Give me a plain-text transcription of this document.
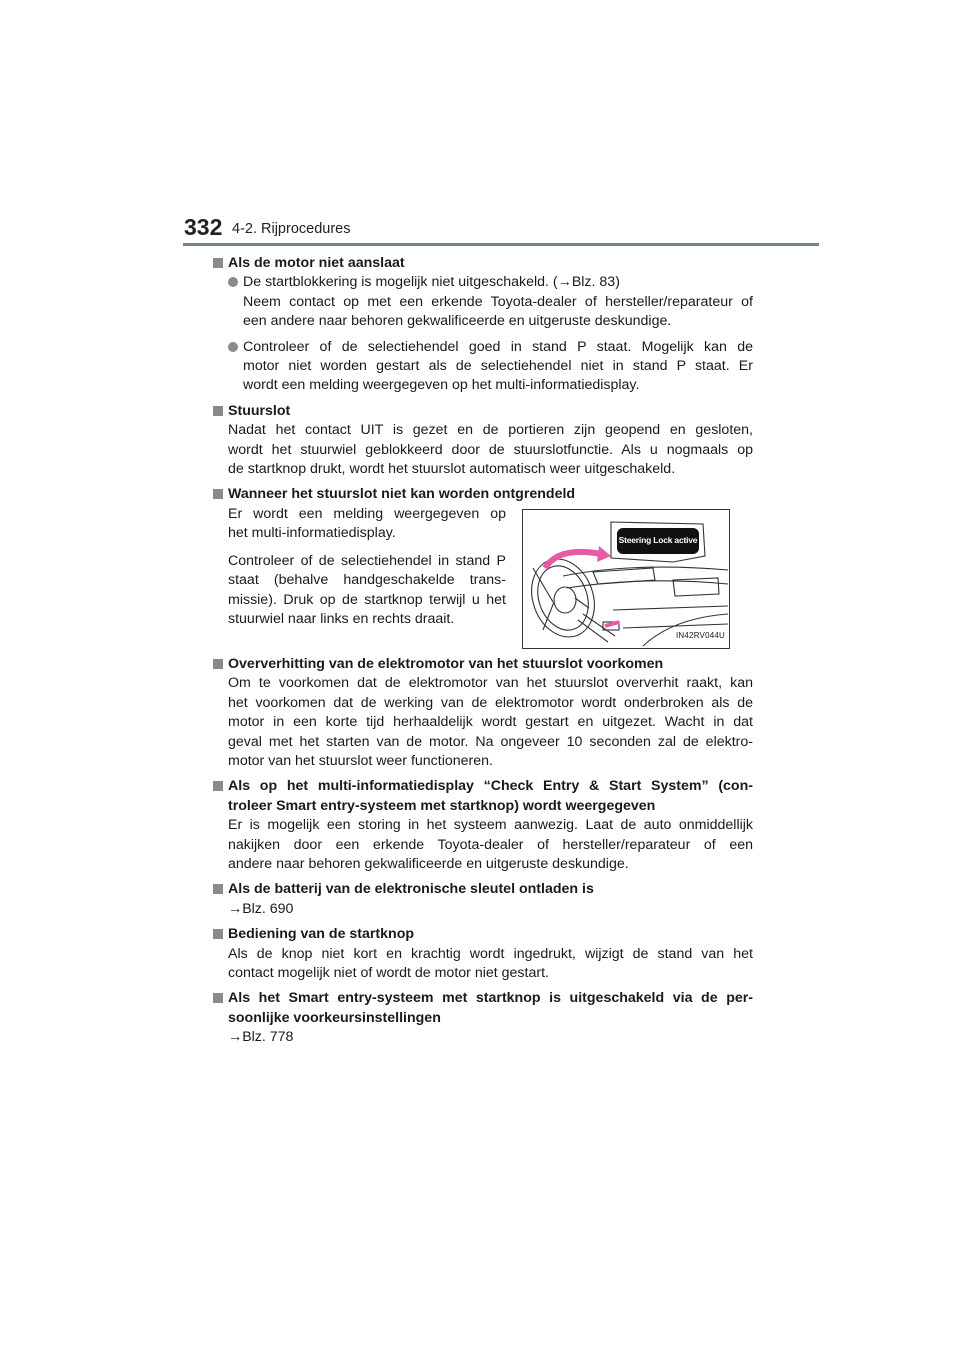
332 4-2. Rijprocedures
Als de motor niet aanslaat
De startblokkering is mogelijk niet uitgeschakeld. (→Blz. 83)
Neem contact op met een erkende Toyota-dealer of hersteller/reparateur of
een andere naar behoren gekwalificeerde en uitgeruste deskundige.
Controleer of de selectiehendel goed in stand P staat. Mogelijk kan de
motor niet worden gestart als de selectiehendel niet in stand P staat. Er
wordt een melding weergegeven op het multi-informatiedisplay.
Stuurslot
Nadat het contact UIT is gezet en de portieren zijn geopend en gesloten,
wordt het stuurwiel geblokkeerd door de stuurslotfunctie. Als u nogmaals op
de startknop drukt, wordt het stuurslot automatisch weer uitgeschakeld.
Wanneer het stuurslot niet kan worden ontgrendeld
Er wordt een melding weergegeven op
het multi-informatiedisplay.
Controleer of de selectiehendel in stand P
staat (behalve handgeschakelde trans-
missie). Druk op de startknop terwijl u het
stuurwiel naar links en rechts draait.
Steering Lock active
IN42RV044U
Oververhitting van de elektromotor van het stuurslot voorkomen
Om te voorkomen dat de elektromotor van het stuurslot oververhit raakt, kan
het voorkomen dat de werking van de elektromotor wordt onderbroken als de
motor in een korte tijd herhaaldelijk wordt gestart en uitgezet. Wacht in dat
geval met het starten van de motor. Na ongeveer 10 seconden zal de elektro-
motor van het stuurslot weer functioneren.
Als op het multi-informatiedisplay “Check Entry & Start System” (con-
troleer Smart entry-systeem met startknop) wordt weergegeven
Er is mogelijk een storing in het systeem aanwezig. Laat de auto onmiddellijk
nakijken door een erkende Toyota-dealer of hersteller/reparateur of een
andere naar behoren gekwalificeerde en uitgeruste deskundige.
Als de batterij van de elektronische sleutel ontladen is
→Blz. 690
Bediening van de startknop
Als de knop niet kort en krachtig wordt ingedrukt, wijzigt de stand van het
contact mogelijk niet of wordt de motor niet gestart.
Als het Smart entry-systeem met startknop is uitgeschakeld via de per-
soonlijke voorkeursinstellingen
→Blz. 778
